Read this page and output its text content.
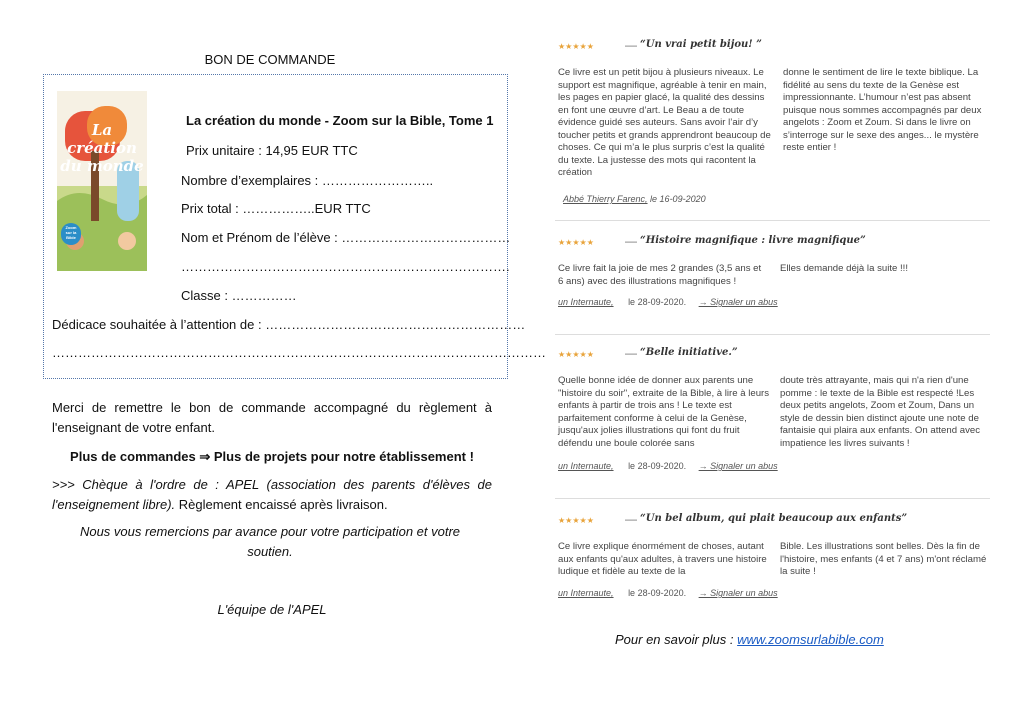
BON DE COMMANDE
La création
du monde
Zoom
sur la
Bible
La création du monde - Zoom sur la Bible, Tome 1
Prix unitaire : 14,95 EUR TTC
Nombre d’exemplaires : ……………………..
Prix total : ……………..EUR TTC
Nom et Prénom de l’élève : …………………………………
………………………………………………………………….
Classe : ……………
Dédicace souhaitée à l’attention de : ……………………………………………………
……………………………………………………………………………………………………
Merci de remettre le bon de commande accompagné du règlement à l'enseignant de votre enfant.
Plus de commandes ⇒ Plus de projets pour notre établissement !
>>> Chèque à l'ordre de : APEL (association des parents d'élèves de l'enseignement libre). Règlement encaissé après livraison.
Nous vous remercions par avance pour votre participation et votre soutien.
L'équipe de l'APEL
★★★★★	— “Un vrai petit bijou! ”
Ce livre est un petit bijou à plusieurs niveaux. Le support est magnifique, agréable à tenir en main, les pages en papier glacé, la qualité des dessins en font une œuvre d’art. Le Beau a de toute évidence guidé ses auteurs. Sans avoir l’air d’y toucher petits et grands apprendront beaucoup de choses. Ce qui m’a le plus surpris c’est la qualité du texte. La justesse des mots qui racontent la création
donne le sentiment de lire le texte biblique. La fidélité au sens du texte de la Genèse est impressionnante. L’humour n’est pas absent puisque nous sommes accompagnés par deux angelots : Zoom et Zoum. Si dans le livre on s’interroge sur le sexe des anges... le mystère reste entier !
Abbé Thierry Farenc, le 16-09-2020
★★★★★	— “Histoire magnifique : livre magnifique”
Ce livre fait la joie de mes 2 grandes (3,5 ans et 6 ans) avec des illustrations magnifiques !
Elles demande déjà la suite !!!
un Internaute, le 28-09-2020. → Signaler un abus
★★★★★	— “Belle initiative.”
Quelle bonne idée de donner aux parents une "histoire du soir", extraite de la Bible, à lire à leurs enfants à partir de trois ans ! Le texte est parfaitement conforme à celui de la Genèse, jusqu'aux jolies illustrations qui font du fruit défendu une boule colorée sans
doute très attrayante, mais qui n'a rien d'une pomme : le texte de la Bible est respecté !Les deux petits angelots, Zoom et Zoum, Dans un style de dessin bien distinct ajoute une note de fantaisie qui plaira aux enfants. On attend avec impatience les livres suivants !
un Internaute, le 28-09-2020. → Signaler un abus
★★★★★	— “Un bel album, qui plait beaucoup aux enfants”
Ce livre explique énormément de choses, autant aux enfants qu'aux adultes, à travers une histoire ludique et fidèle au texte de la
Bible. Les illustrations sont belles. Dès la fin de l'histoire, mes enfants (4 et 7 ans) m'ont réclamé la suite !
un Internaute, le 28-09-2020. → Signaler un abus
Pour en savoir plus : www.zoomsurlabible.com
